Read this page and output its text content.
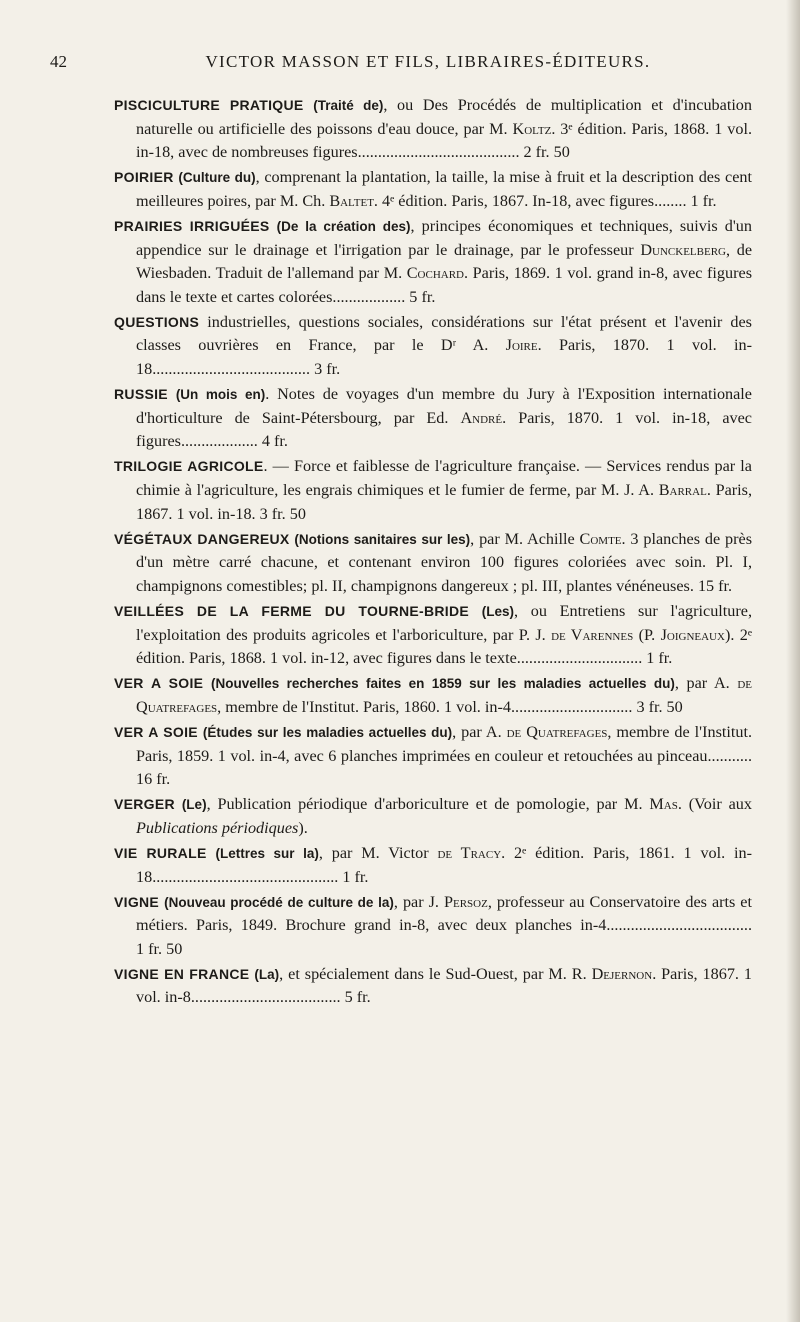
42	VICTOR MASSON ET FILS, LIBRAIRES-ÉDITEURS.

PISCICULTURE PRATIQUE (Traité de), ou Des Procédés de multiplication et d'incubation naturelle ou artificielle des poissons d'eau douce, par M. Koltz. 3ᵉ édition. Paris, 1868. 1 vol. in-18, avec de nombreuses figures........................................ 2 fr. 50

POIRIER (Culture du), comprenant la plantation, la taille, la mise à fruit et la description des cent meilleures poires, par M. Ch. Baltet. 4ᵉ édition. Paris, 1867. In-18, avec figures........ 1 fr.

PRAIRIES IRRIGUÉES (De la création des), principes économiques et techniques, suivis d'un appendice sur le drainage et l'irrigation par le drainage, par le professeur Dunckelberg, de Wiesbaden. Traduit de l'allemand par M. Cochard. Paris, 1869. 1 vol. grand in-8, avec figures dans le texte et cartes colorées.................. 5 fr.

QUESTIONS industrielles, questions sociales, considérations sur l'état présent et l'avenir des classes ouvrières en France, par le Dʳ A. Joire. Paris, 1870. 1 vol. in-18....................................... 3 fr.

RUSSIE (Un mois en). Notes de voyages d'un membre du Jury à l'Exposition internationale d'horticulture de Saint-Pétersbourg, par Ed. André. Paris, 1870. 1 vol. in-18, avec figures................... 4 fr.

TRILOGIE AGRICOLE. — Force et faiblesse de l'agriculture française. — Services rendus par la chimie à l'agriculture, les engrais chimiques et le fumier de ferme, par M. J. A. Barral. Paris, 1867. 1 vol. in-18. 3 fr. 50

VÉGÉTAUX DANGEREUX (Notions sanitaires sur les), par M. Achille Comte. 3 planches de près d'un mètre carré chacune, et contenant environ 100 figures coloriées avec soin. Pl. I, champignons comestibles; pl. II, champignons dangereux ; pl. III, plantes vénéneuses. 15 fr.

VEILLÉES DE LA FERME DU TOURNE-BRIDE (Les), ou Entretiens sur l'agriculture, l'exploitation des produits agricoles et l'arboriculture, par P. J. de Varennes (P. Joigneaux). 2ᵉ édition. Paris, 1868. 1 vol. in-12, avec figures dans le texte............................... 1 fr.

VER A SOIE (Nouvelles recherches faites en 1859 sur les maladies actuelles du), par A. de Quatrefages, membre de l'Institut. Paris, 1860. 1 vol. in-4.............................. 3 fr. 50

VER A SOIE (Études sur les maladies actuelles du), par A. de Quatrefages, membre de l'Institut. Paris, 1859. 1 vol. in-4, avec 6 planches imprimées en couleur et retouchées au pinceau........... 16 fr.

VERGER (Le), Publication périodique d'arboriculture et de pomologie, par M. Mas. (Voir aux Publications périodiques).

VIE RURALE (Lettres sur la), par M. Victor de Tracy. 2ᵉ édition. Paris, 1861. 1 vol. in-18.............................................. 1 fr.

VIGNE (Nouveau procédé de culture de la), par J. Persoz, professeur au Conservatoire des arts et métiers. Paris, 1849. Brochure grand in-8, avec deux planches in-4.................................... 1 fr. 50

VIGNE EN FRANCE (La), et spécialement dans le Sud-Ouest, par M. R. Dejernon. Paris, 1867. 1 vol. in-8..................................... 5 fr.
